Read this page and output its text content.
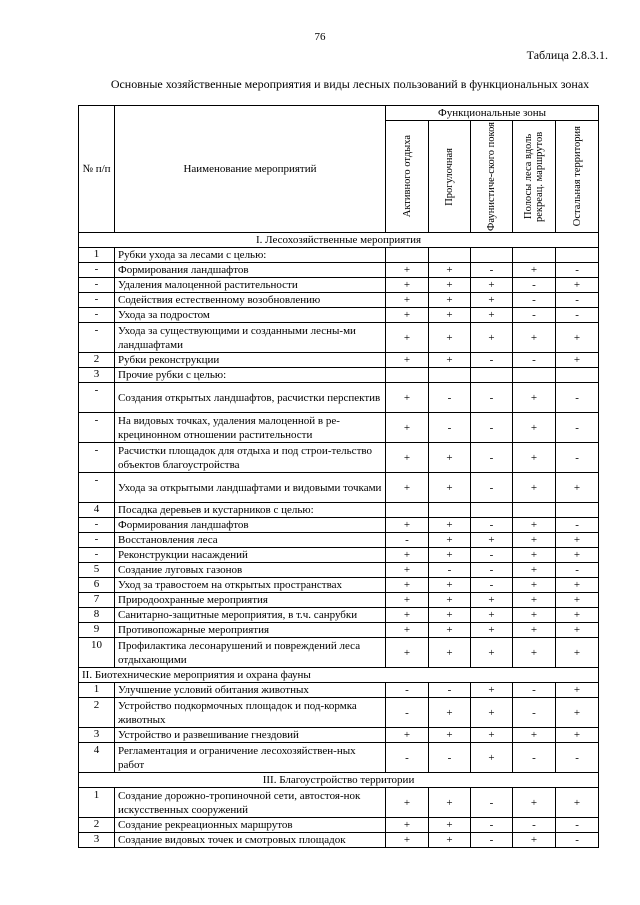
76
Таблица 2.8.3.1.
Основные хозяйственные мероприятия и виды лесных пользований в функциональных зонах
№ п/п	Наименование мероприятий	Функциональные зоны				

		Активного отдыха	Прогулочная	Фаунистиче-ского покоя	Полосы леса вдоль рекреац. маршрутов	Остальная территория

I. Лесохозяйственные мероприятия						
1	Рубки ухода за лесами с целью:					
-	Формирования ландшафтов	+	+	-	+	-
-	Удаления малоценной растительности	+	+	+	-	+
-	Содействия естественному возобновлению	+	+	+	-	-
-	Ухода за подростом	+	+	+	-	-
-	Ухода за существующими и созданными лесны-ми ландшафтами	+	+	+	+	+
2	Рубки реконструкции	+	+	-	-	+
3	Прочие рубки с целью:					
-	Создания открытых ландшафтов, расчистки перспектив	+	-	-	+	-
-	На видовых точках, удаления малоценной в ре-крецинонном отношении растительности	+	-	-	+	-
-	Расчистки площадок для отдыха и под строи-тельство объектов благоустройства	+	+	-	+	-
-	Ухода за открытыми ландшафтами и видовыми точками	+	+	-	+	+
4	Посадка деревьев и кустарников с целью:					
-	Формирования ландшафтов	+	+	-	+	-
-	Восстановления леса	-	+	+	+	+
-	Реконструкции насаждений	+	+	-	+	+
5	Создание луговых газонов	+	-	-	+	-
6	Уход за травостоем на открытых пространствах	+	+	-	+	+
7	Природоохранные мероприятия	+	+	+	+	+
8	Санитарно-защитные мероприятия, в т.ч. санрубки	+	+	+	+	+
9	Противопожарные мероприятия	+	+	+	+	+
10	Профилактика лесонарушений и повреждений леса отдыхающими	+	+	+	+	+
II. Биотехнические мероприятия и охрана фауны						
1	Улучшение условий обитания животных	-	-	+	-	+
2	Устройство подкормочных площадок и под-кормка животных	-	+	+	-	+
3	Устройство и развешивание гнездовий	+	+	+	+	+
4	Регламентация и ограничение лесохозяйствен-ных работ	-	-	+	-	-
III. Благоустройство территории						
1	Создание дорожно-тропиночной сети, автостоя-нок искусственных сооружений	+	+	-	+	+
2	Создание рекреационных маршрутов	+	+	-	-	-
3	Создание видовых точек и смотровых площадок	+	+	-	+	-
